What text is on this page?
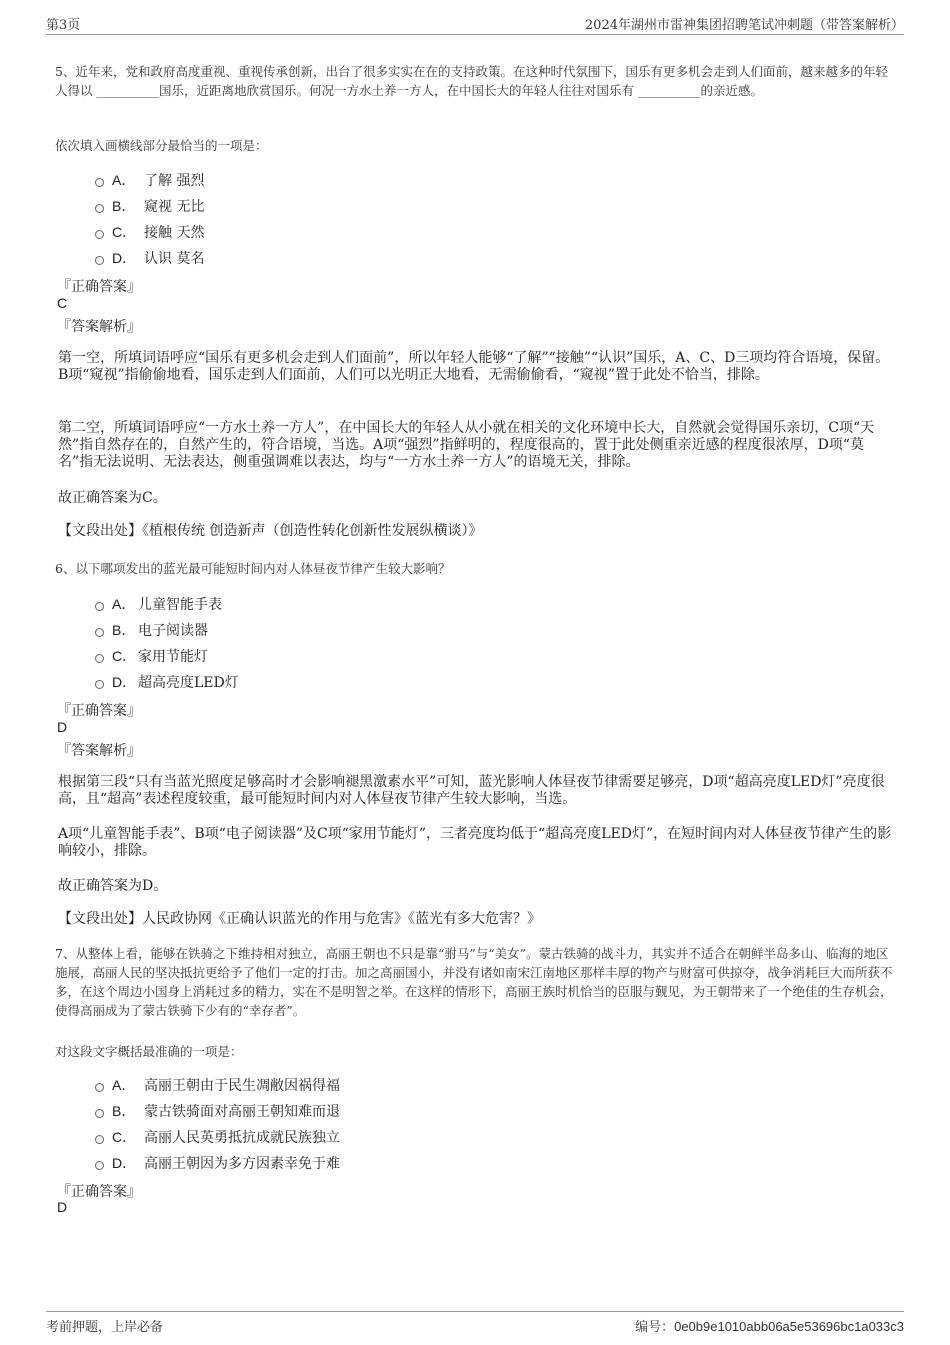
第3页	2024年湖州市雷神集团招聘笔试冲刺题（带答案解析）
5、近年来，党和政府高度重视、重视传承创新，出台了很多实实在在的支持政策。在这种时代氛围下，国乐有更多机会走到人们面前，越来越多的年轻人得以 __________国乐，近距离地欣赏国乐。何况一方水土养一方人，在中国长大的年轻人往往对国乐有 __________的亲近感。
依次填入画横线部分最恰当的一项是：
A． 了解 强烈
B． 窥视 无比
C． 接触 天然
D． 认识 莫名
『正确答案』
C
『答案解析』
第一空，所填词语呼应“国乐有更多机会走到人们面前”，所以年轻人能够“了解”“接触”“认识”国乐，A、C、D三项均符合语境，保留。B项“窥视”指偷偷地看，国乐走到人们面前，人们可以光明正大地看，无需偷偷看，“窥视”置于此处不恰当，排除。
第二空，所填词语呼应“一方水土养一方人”，在中国长大的年轻人从小就在相关的文化环境中长大，自然就会觉得国乐亲切，C项“天然”指自然存在的，自然产生的，符合语境，当选。A项“强烈”指鲜明的，程度很高的，置于此处侧重亲近感的程度很浓厚，D项“莫名”指无法说明、无法表达，侧重强调难以表达，均与“一方水土养一方人”的语境无关，排除。
故正确答案为C。
【文段出处】《植根传统 创造新声（创造性转化创新性发展纵横谈）》
6、以下哪项发出的蓝光最可能短时间内对人体昼夜节律产生较大影响？
A． 儿童智能手表
B． 电子阅读器
C． 家用节能灯
D． 超高亮度LED灯
『正确答案』
D
『答案解析』
根据第三段“只有当蓝光照度足够高时才会影响褪黑激素水平”可知，蓝光影响人体昼夜节律需要足够亮，D项“超高亮度LED灯”亮度很高，且“超高”表述程度较重，最可能短时间内对人体昼夜节律产生较大影响，当选。
A项“儿童智能手表”、B项“电子阅读器”及C项“家用节能灯”，三者亮度均低于“超高亮度LED灯”，在短时间内对人体昼夜节律产生的影响较小，排除。
故正确答案为D。
【文段出处】人民政协网《正确认识蓝光的作用与危害》《蓝光有多大危害？》
7、从整体上看，能够在铁骑之下维持相对独立，高丽王朝也不只是靠“驸马”与“美女”。蒙古铁骑的战斗力，其实并不适合在朝鲜半岛多山、临海的地区施展，高丽人民的坚决抵抗更给予了他们一定的打击。加之高丽国小，并没有诸如南宋江南地区那样丰厚的物产与财富可供掠夺，战争消耗巨大而所获不多，在这个周边小国身上消耗过多的精力，实在不是明智之举。在这样的情形下，高丽王族时机恰当的臣服与觐见，为王朝带来了一个绝佳的生存机会，使得高丽成为了蒙古铁骑下少有的“幸存者”。
对这段文字概括最准确的一项是：
A． 高丽王朝由于民生凋敝因祸得福
B． 蒙古铁骑面对高丽王朝知难而退
C． 高丽人民英勇抵抗成就民族独立
D． 高丽王朝因为多方因素幸免于难
『正确答案』
D
考前押题，上岸必备	编号：0e0b9e1010abb06a5e53696bc1a033c3
